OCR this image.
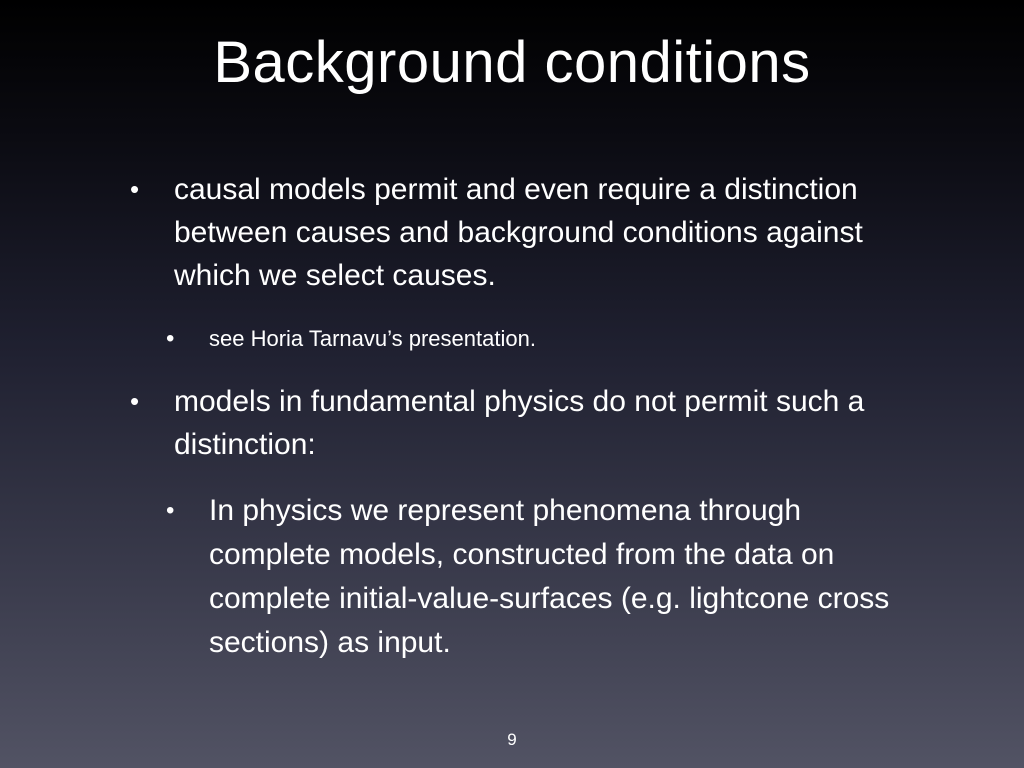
Background conditions
•	causal models permit and even require a distinction between causes and background conditions against which we select causes.
•	see Horia Tarnavu’s presentation.
•	models in fundamental physics do not permit such a distinction:
•	In physics we represent phenomena through complete models, constructed from the data on complete initial-value-surfaces (e.g. lightcone cross sections) as input.
9
